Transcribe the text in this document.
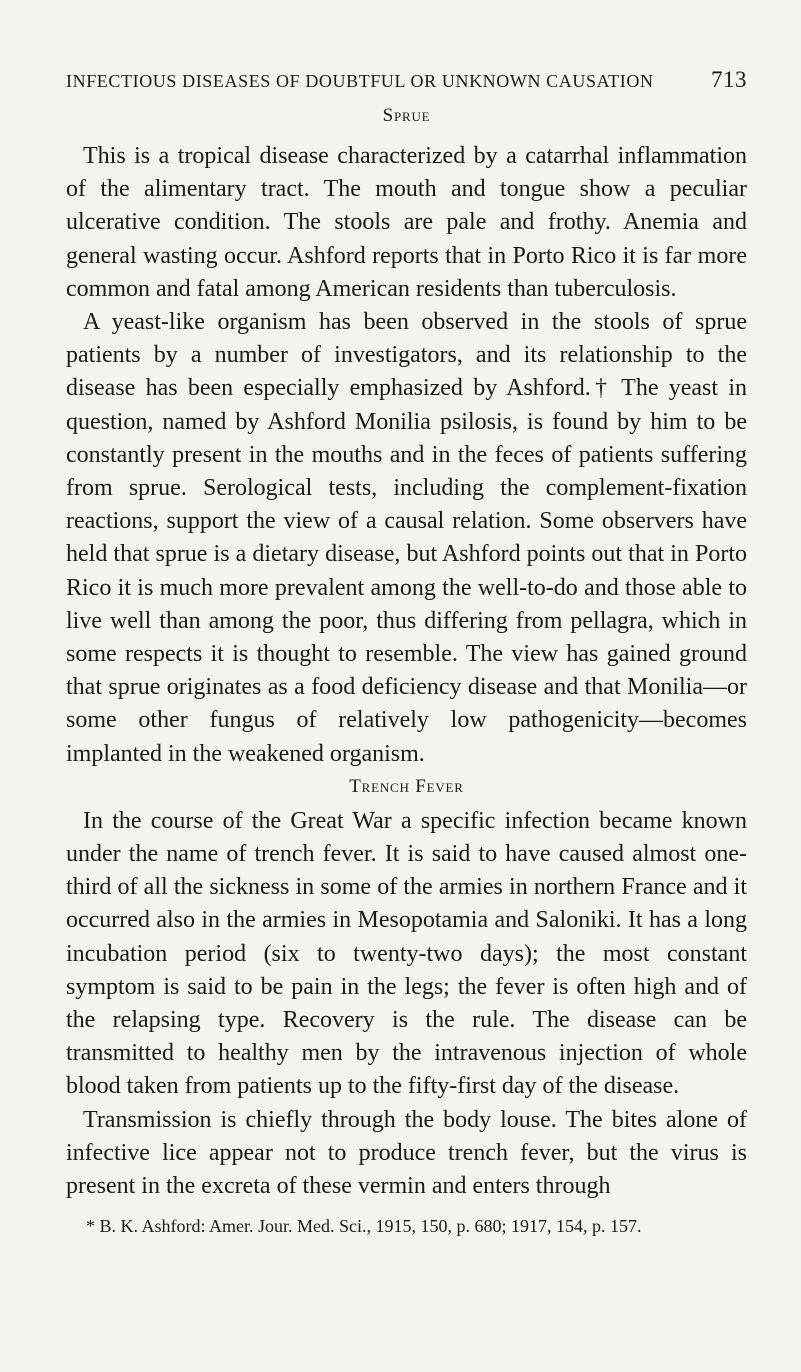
INFECTIOUS DISEASES OF DOUBTFUL OR UNKNOWN CAUSATION 713
Sprue

This is a tropical disease characterized by a catarrhal inflammation of the alimentary tract. The mouth and tongue show a peculiar ulcerative condition. The stools are pale and frothy. Anemia and general wasting occur. Ashford reports that in Porto Rico it is far more common and fatal among American residents than tuberculosis.

A yeast-like organism has been observed in the stools of sprue patients by a number of investigators, and its relationship to the disease has been especially emphasized by Ashford.† The yeast in question, named by Ashford Monilia psilosis, is found by him to be constantly present in the mouths and in the feces of patients suffering from sprue. Serological tests, including the complement-fixation reactions, support the view of a causal relation. Some observers have held that sprue is a dietary disease, but Ashford points out that in Porto Rico it is much more prevalent among the well-to-do and those able to live well than among the poor, thus differing from pellagra, which in some respects it is thought to resemble. The view has gained ground that sprue originates as a food deficiency disease and that Monilia—or some other fungus of relatively low pathogenicity—becomes implanted in the weakened organism.

Trench Fever

In the course of the Great War a specific infection became known under the name of trench fever. It is said to have caused almost one-third of all the sickness in some of the armies in northern France and it occurred also in the armies in Mesopotamia and Saloniki. It has a long incubation period (six to twenty-two days); the most constant symptom is said to be pain in the legs; the fever is often high and of the relapsing type. Recovery is the rule. The disease can be transmitted to healthy men by the intravenous injection of whole blood taken from patients up to the fifty-first day of the disease.

Transmission is chiefly through the body louse. The bites alone of infective lice appear not to produce trench fever, but the virus is present in the excreta of these vermin and enters through

* B. K. Ashford: Amer. Jour. Med. Sci., 1915, 150, p. 680; 1917, 154, p. 157.
